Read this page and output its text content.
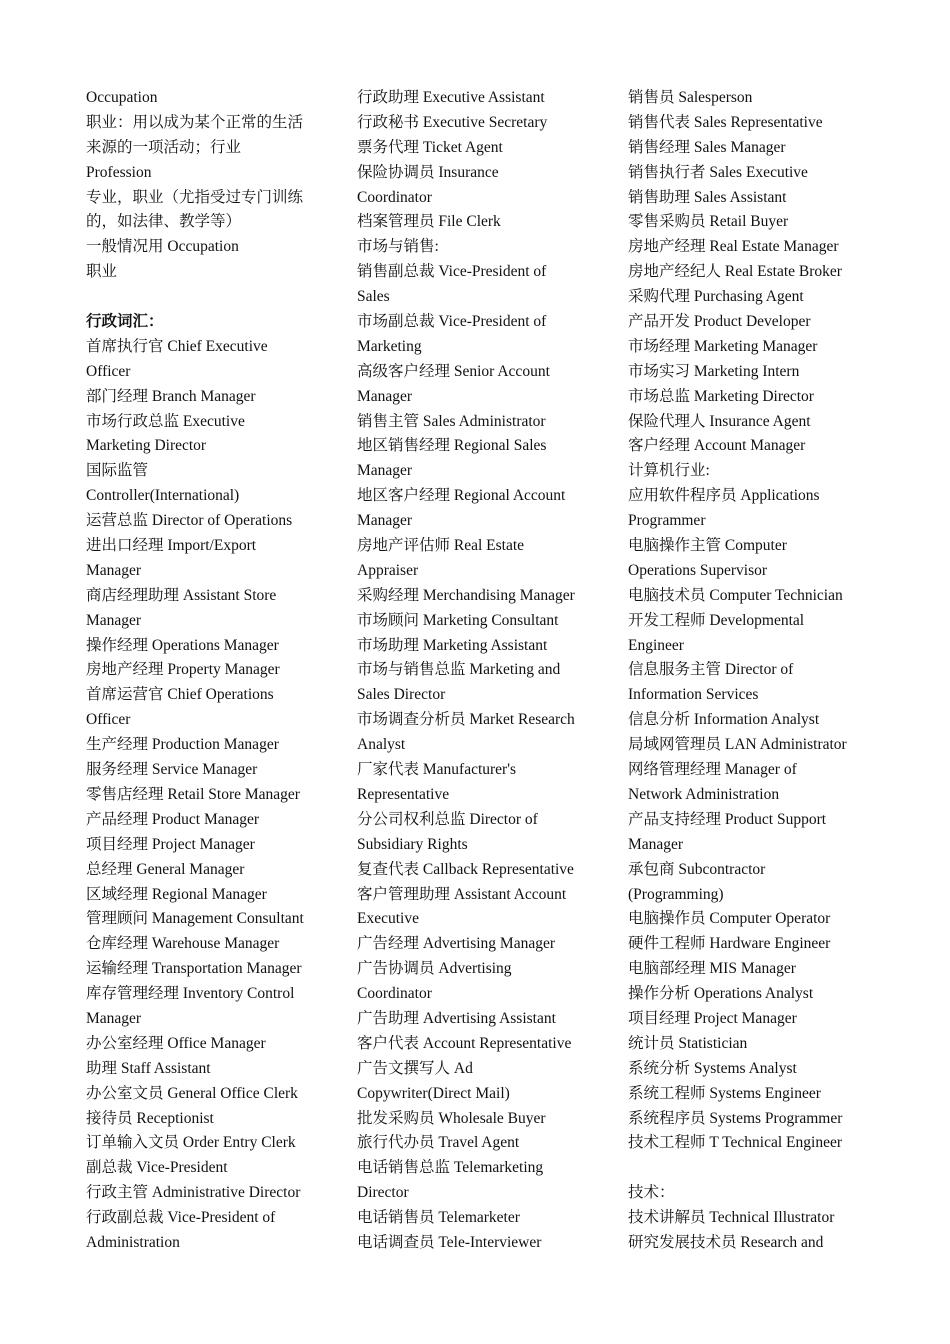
Occupation
职业：用以成为某个正常的生活
来源的一项活动；行业
Profession
专业，职业（尤指受过专门训练
的，如法律、教学等）
一般情况用 Occupation
职业
行政词汇：
首席执行官 Chief Executive
Officer
部门经理 Branch Manager
市场行政总监 Executive
Marketing Director
国际监管
Controller(International)
运营总监 Director of Operations
进出口经理 Import/Export
Manager
商店经理助理 Assistant Store
Manager
操作经理 Operations Manager
房地产经理 Property Manager
首席运营官 Chief Operations
Officer
生产经理 Production Manager
服务经理 Service Manager
零售店经理 Retail Store Manager
产品经理 Product Manager
项目经理 Project Manager
总经理 General Manager
区域经理 Regional Manager
管理顾问 Management Consultant
仓库经理 Warehouse Manager
运输经理 Transportation Manager
库存管理经理 Inventory Control
Manager
办公室经理 Office Manager
助理 Staff Assistant
办公室文员 General Office Clerk
接待员 Receptionist
订单输入文员 Order Entry Clerk
副总裁 Vice-President
行政主管 Administrative Director
行政副总裁 Vice-President of
Administration
行政助理 Executive Assistant
行政秘书 Executive Secretary
票务代理 Ticket Agent
保险协调员 Insurance
Coordinator
档案管理员 File Clerk
市场与销售:
销售副总裁 Vice-President of
Sales
市场副总裁 Vice-President of
Marketing
高级客户经理 Senior Account
Manager
销售主管 Sales Administrator
地区销售经理 Regional Sales
Manager
地区客户经理 Regional Account
Manager
房地产评估师 Real Estate
Appraiser
采购经理 Merchandising Manager
市场顾问 Marketing Consultant
市场助理 Marketing Assistant
市场与销售总监 Marketing and
Sales Director
市场调查分析员 Market Research
Analyst
厂家代表 Manufacturer's
Representative
分公司权利总监 Director of
Subsidiary Rights
复查代表 Callback Representative
客户管理助理 Assistant Account
Executive
广告经理 Advertising Manager
广告协调员 Advertising
Coordinator
广告助理 Advertising Assistant
客户代表 Account Representative
广告文撰写人 Ad
Copywriter(Direct Mail)
批发采购员 Wholesale Buyer
旅行代办员 Travel Agent
电话销售总监 Telemarketing
Director
电话销售员 Telemarketer
电话调查员 Tele-Interviewer
销售员 Salesperson
销售代表 Sales Representative
销售经理 Sales Manager
销售执行者 Sales Executive
销售助理 Sales Assistant
零售采购员 Retail Buyer
房地产经理 Real Estate Manager
房地产经纪人 Real Estate Broker
采购代理 Purchasing Agent
产品开发 Product Developer
市场经理 Marketing Manager
市场实习 Marketing Intern
市场总监 Marketing Director
保险代理人 Insurance Agent
客户经理 Account Manager
计算机行业:
应用软件程序员 Applications
Programmer
电脑操作主管 Computer
Operations Supervisor
电脑技术员 Computer Technician
开发工程师 Developmental
Engineer
信息服务主管 Director of
Information Services
信息分析 Information Analyst
局域网管理员 LAN Administrator
网络管理经理 Manager of
Network Administration
产品支持经理 Product Support
Manager
承包商 Subcontractor
(Programming)
电脑操作员 Computer Operator
硬件工程师 Hardware Engineer
电脑部经理 MIS Manager
操作分析 Operations Analyst
项目经理 Project Manager
统计员 Statistician
系统分析 Systems Analyst
系统工程师 Systems Engineer
系统程序员 Systems Programmer
技术工程师 T Technical Engineer
技术：
技术讲解员 Technical Illustrator
研究发展技术员 Research and
